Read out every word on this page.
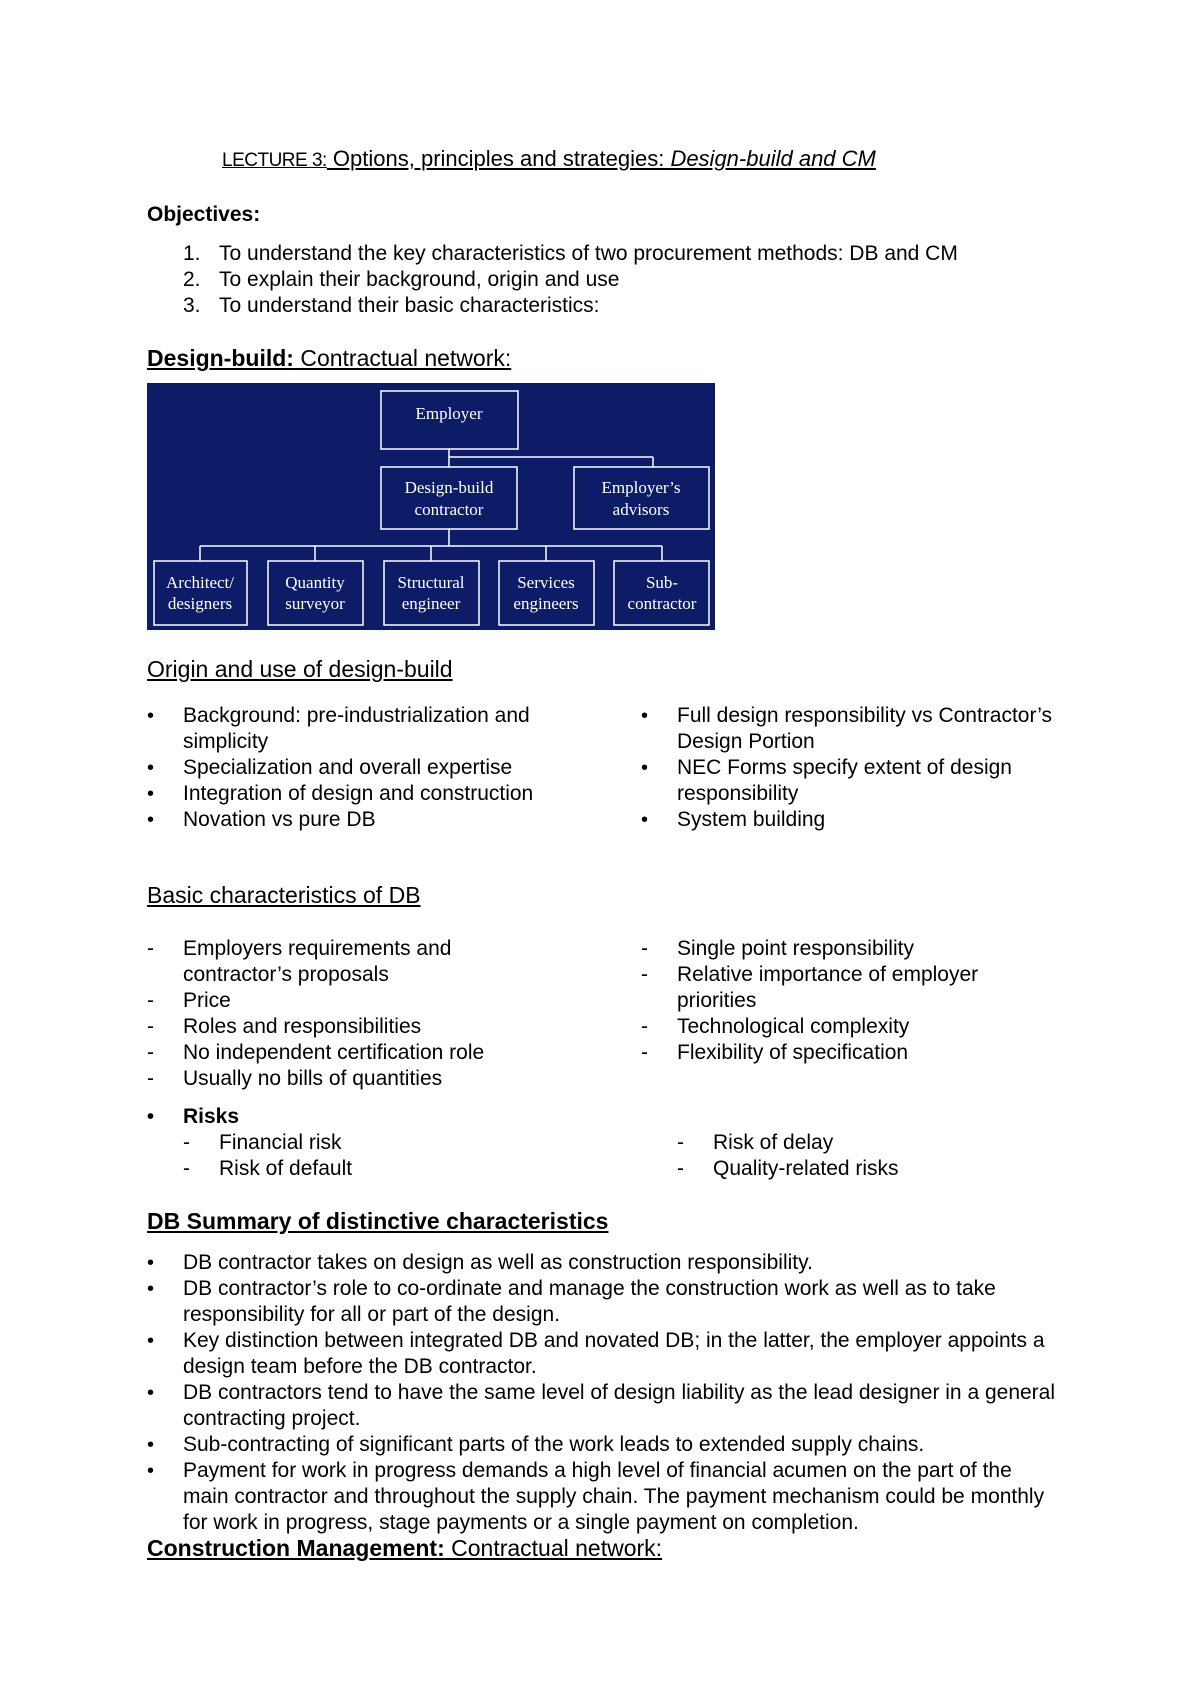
LECTURE 3: Options, principles and strategies: Design-build and CM
Objectives:
1. To understand the key characteristics of two procurement methods: DB and CM
2. To explain their background, origin and use
3. To understand their basic characteristics:
Design-build: Contractual network:
Employer
Design-build
contractor
Employer’s
advisors
Architect/
designers
Quantity
surveyor
Structural
engineer
Services
engineers
Sub-
contractor
Origin and use of design-build
• Background: pre-industrialization and simplicity
• Specialization and overall expertise
• Integration of design and construction
• Novation vs pure DB
• Full design responsibility vs Contractor’s Design Portion
• NEC Forms specify extent of design responsibility
• System building
Basic characteristics of DB
- Employers requirements and contractor’s proposals
- Price
- Roles and responsibilities
- No independent certification role
- Usually no bills of quantities
- Single point responsibility
- Relative importance of employer priorities
- Technological complexity
- Flexibility of specification
• Risks
- Financial risk
- Risk of default
- Risk of delay
- Quality-related risks
DB Summary of distinctive characteristics
• DB contractor takes on design as well as construction responsibility.
• DB contractor’s role to co-ordinate and manage the construction work as well as to take responsibility for all or part of the design.
• Key distinction between integrated DB and novated DB; in the latter, the employer appoints a design team before the DB contractor.
• DB contractors tend to have the same level of design liability as the lead designer in a general contracting project.
• Sub-contracting of significant parts of the work leads to extended supply chains.
• Payment for work in progress demands a high level of financial acumen on the part of the main contractor and throughout the supply chain. The payment mechanism could be monthly for work in progress, stage payments or a single payment on completion.
Construction Management: Contractual network:
